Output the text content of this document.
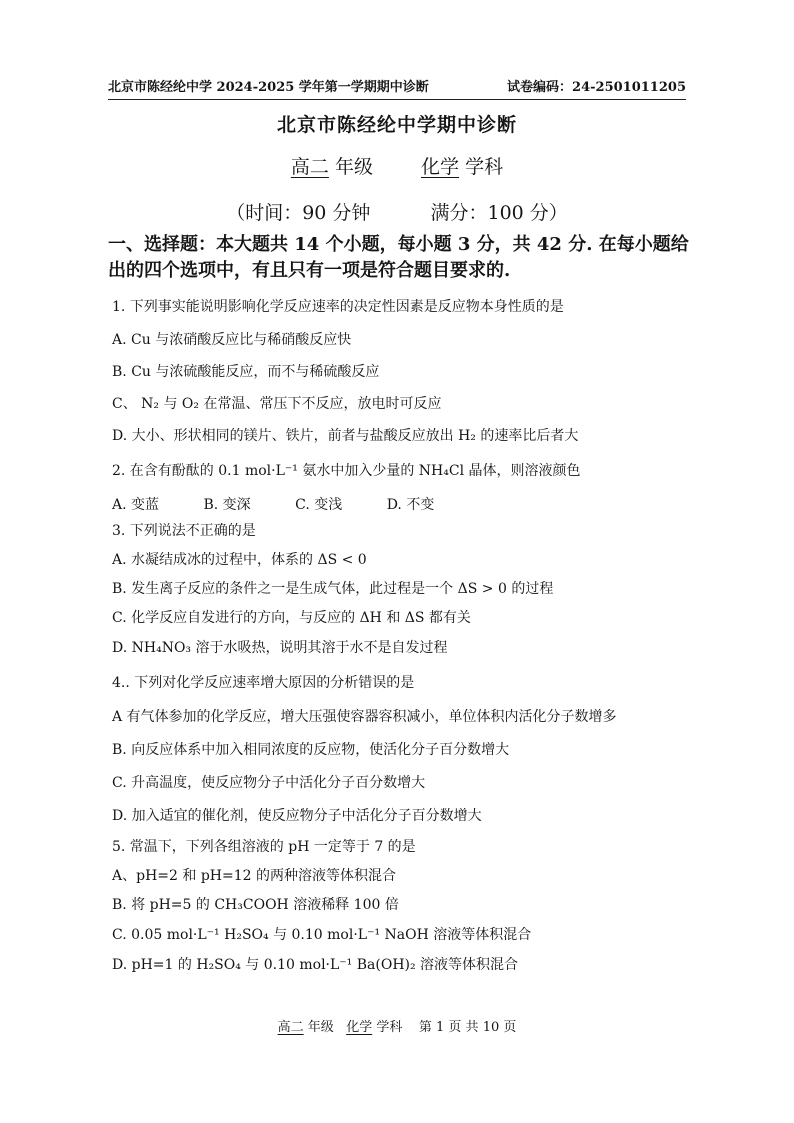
北京市陈经纶中学 2024-2025 学年第一学期期中诊断	试卷编码：24-2501011205
北京市陈经纶中学期中诊断
高二 年级	化学 学科
（时间：90 分钟	满分：100 分）
一、选择题：本大题共 14 个小题，每小题 3 分，共 42 分. 在每小题给出的四个选项中，有且只有一项是符合题目要求的.
1. 下列事实能说明影响化学反应速率的决定性因素是反应物本身性质的是
A. Cu 与浓硝酸反应比与稀硝酸反应快
B. Cu 与浓硫酸能反应，而不与稀硫酸反应
C、 N₂ 与 O₂ 在常温、常压下不反应，放电时可反应
D. 大小、形状相同的镁片、铁片，前者与盐酸反应放出 H₂ 的速率比后者大
2. 在含有酚酞的 0.1 mol·L⁻¹ 氨水中加入少量的 NH₄Cl 晶体，则溶液颜色
A. 变蓝	B. 变深	C. 变浅	D. 不变
3. 下列说法不正确的是
A. 水凝结成冰的过程中，体系的 ΔS < 0
B. 发生离子反应的条件之一是生成气体，此过程是一个 ΔS > 0 的过程
C. 化学反应自发进行的方向，与反应的 ΔH 和 ΔS 都有关
D. NH₄NO₃ 溶于水吸热，说明其溶于水不是自发过程
4.. 下列对化学反应速率增大原因的分析错误的是
A 有气体参加的化学反应，增大压强使容器容积减小，单位体积内活化分子数增多
B. 向反应体系中加入相同浓度的反应物，使活化分子百分数增大
C. 升高温度，使反应物分子中活化分子百分数增大
D. 加入适宜的催化剂，使反应物分子中活化分子百分数增大
5. 常温下，下列各组溶液的 pH 一定等于 7 的是
A、pH=2 和 pH=12 的两种溶液等体积混合
B. 将 pH=5 的 CH₃COOH 溶液稀释 100 倍
C. 0.05 mol·L⁻¹ H₂SO₄ 与 0.10 mol·L⁻¹ NaOH 溶液等体积混合
D. pH=1 的 H₂SO₄ 与 0.10 mol·L⁻¹ Ba(OH)₂ 溶液等体积混合
高二 年级 化学 学科 第 1 页 共 10 页
